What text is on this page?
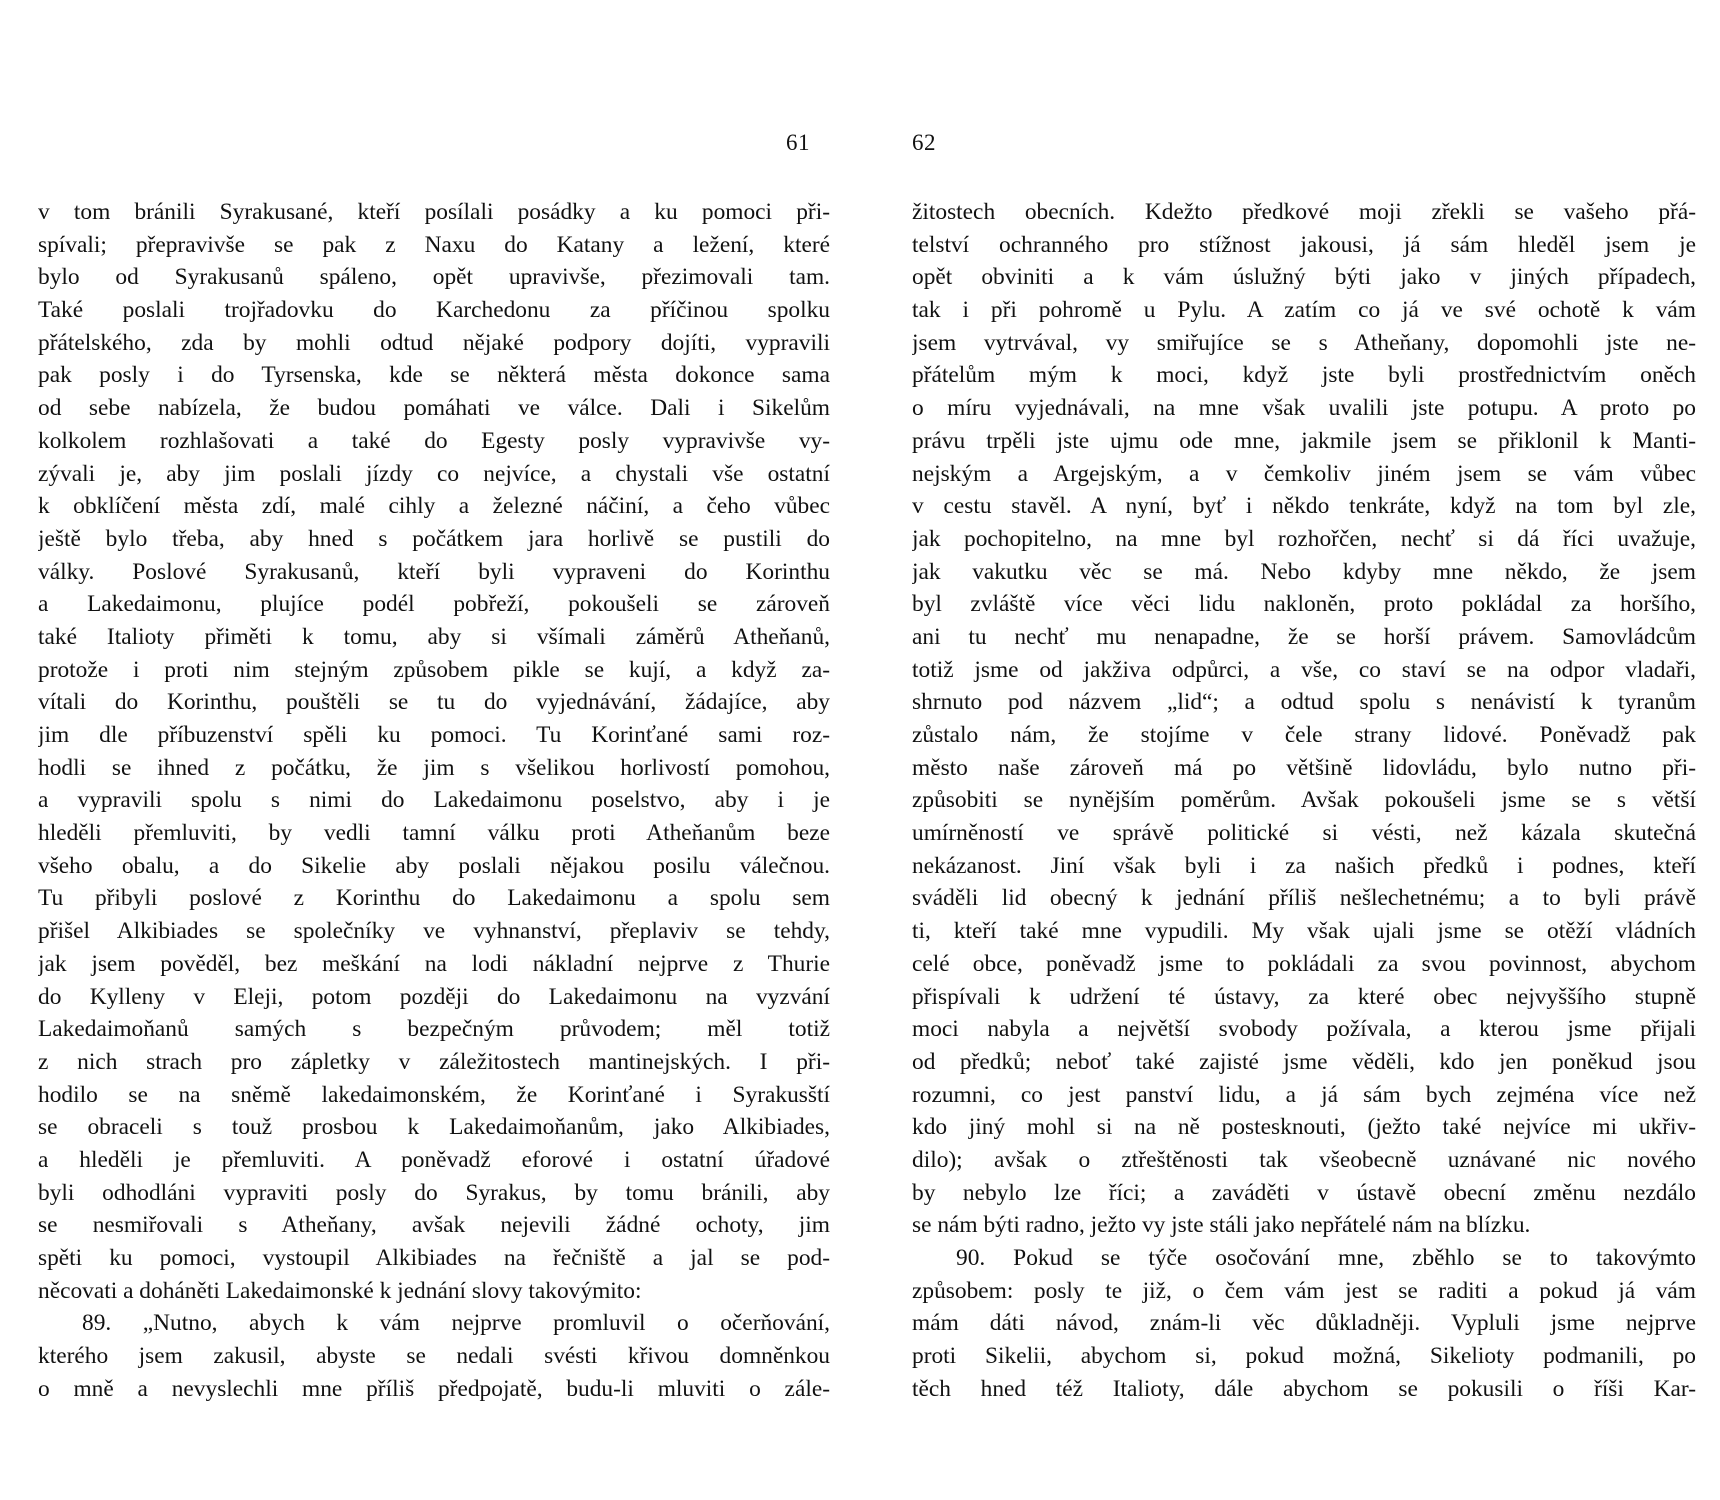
61
v tom bránili Syrakusané, kteří posílali posádky a ku pomoci při-
spívali; přepravivše se pak z Naxu do Katany a ležení, které
bylo od Syrakusanů spáleno, opět upravivše, přezimovali tam.
Také poslali trojřadovku do Karchedonu za příčinou spolku
přátelského, zda by mohli odtud nějaké podpory dojíti, vypravili
pak posly i do Tyrsenska, kde se některá města dokonce sama
od sebe nabízela, že budou pomáhati ve válce. Dali i Sikelům
kolkolem rozhlašovati a také do Egesty posly vypravivše vy-
zývali je, aby jim poslali jízdy co nejvíce, a chystali vše ostatní
k obklíčení města zdí, malé cihly a železné náčiní, a čeho vůbec
ještě bylo třeba, aby hned s počátkem jara horlivě se pustili do
války. Poslové Syrakusanů, kteří byli vypraveni do Korinthu
a Lakedaimonu, plujíce podél pobřeží, pokoušeli se zároveň
také Italioty přiměti k tomu, aby si všímali záměrů Atheňanů,
protože i proti nim stejným způsobem pikle se kují, a když za-
vítali do Korinthu, pouštěli se tu do vyjednávání, žádajíce, aby
jim dle příbuzenství spěli ku pomoci. Tu Korinťané sami roz-
hodli se ihned z počátku, že jim s všelikou horlivostí pomohou,
a vypravili spolu s nimi do Lakedaimonu poselstvo, aby i je
hleděli přemluviti, by vedli tamní válku proti Atheňanům beze
všeho obalu, a do Sikelie aby poslali nějakou posilu válečnou.
Tu přibyli poslové z Korinthu do Lakedaimonu a spolu sem
přišel Alkibiades se společníky ve vyhnanství, přeplaviv se tehdy,
jak jsem pověděl, bez meškání na lodi nákladní nejprve z Thurie
do Kylleny v Eleji, potom později do Lakedaimonu na vyzvání
Lakedaimoňanů samých s bezpečným průvodem; měl totiž
z nich strach pro zápletky v záležitostech mantinejských. I při-
hodilo se na sněmě lakedaimonském, že Korinťané i Syrakusští
se obraceli s touž prosbou k Lakedaimoňanům, jako Alkibiades,
a hleděli je přemluviti. A poněvadž eforové i ostatní úřadové
byli odhodláni vypraviti posly do Syrakus, by tomu bránili, aby
se nesmiřovali s Atheňany, avšak nejevili žádné ochoty, jim
spěti ku pomoci, vystoupil Alkibiades na řečniště a jal se pod-
něcovati a doháněti Lakedaimonské k jednání slovy takovýmito:
89. „Nutno, abych k vám nejprve promluvil o očerňování,
kterého jsem zakusil, abyste se nedali svésti křivou domněnkou
o mně a nevyslechli mne příliš předpojatě, budu-li mluviti o zále-
62
žitostech obecních. Kdežto předkové moji zřekli se vašeho přá-
telství ochranného pro stížnost jakousi, já sám hleděl jsem je
opět obviniti a k vám úslužný býti jako v jiných případech,
tak i při pohromě u Pylu. A zatím co já ve své ochotě k vám
jsem vytrvával, vy smiřujíce se s Atheňany, dopomohli jste ne-
přátelům mým k moci, když jste byli prostřednictvím oněch
o míru vyjednávali, na mne však uvalili jste potupu. A proto po
právu trpěli jste ujmu ode mne, jakmile jsem se přiklonil k Manti-
nejským a Argejským, a v čemkoliv jiném jsem se vám vůbec
v cestu stavěl. A nyní, byť i někdo tenkráte, když na tom byl zle,
jak pochopitelno, na mne byl rozhořčen, nechť si dá říci uvažuje,
jak vakutku věc se má. Nebo kdyby mne někdo, že jsem
byl zvláště více věci lidu nakloněn, proto pokládal za horšího,
ani tu nechť mu nenapadne, že se horší právem. Samovládcům
totiž jsme od jakživa odpůrci, a vše, co staví se na odpor vladaři,
shrnuto pod názvem „lid“; a odtud spolu s nenávistí k tyranům
zůstalo nám, že stojíme v čele strany lidové. Poněvadž pak
město naše zároveň má po většině lidovládu, bylo nutno při-
způsobiti se nynějším poměrům. Avšak pokoušeli jsme se s větší
umírněností ve správě politické si vésti, než kázala skutečná
nekázanost. Jiní však byli i za našich předků i podnes, kteří
sváděli lid obecný k jednání příliš nešlechetnému; a to byli právě
ti, kteří také mne vypudili. My však ujali jsme se otěží vládních
celé obce, poněvadž jsme to pokládali za svou povinnost, abychom
přispívali k udržení té ústavy, za které obec nejvyššího stupně
moci nabyla a největší svobody požívala, a kterou jsme přijali
od předků; neboť také zajisté jsme věděli, kdo jen poněkud jsou
rozumni, co jest panství lidu, a já sám bych zejména více než
kdo jiný mohl si na ně postesknouti, (ježto také nejvíce mi ukřiv-
dilo); avšak o ztřeštěnosti tak všeobecně uznávané nic nového
by nebylo lze říci; a zaváděti v ústavě obecní změnu nezdálo
se nám býti radno, ježto vy jste stáli jako nepřátelé nám na blízku.
90. Pokud se týče osočování mne, zběhlo se to takovýmto
způsobem: posly te již, o čem vám jest se raditi a pokud já vám
mám dáti návod, znám-li věc důkladněji. Vypluli jsme nejprve
proti Sikelii, abychom si, pokud možná, Sikelioty podmanili, po
těch hned též Italioty, dále abychom se pokusili o říši Kar-
